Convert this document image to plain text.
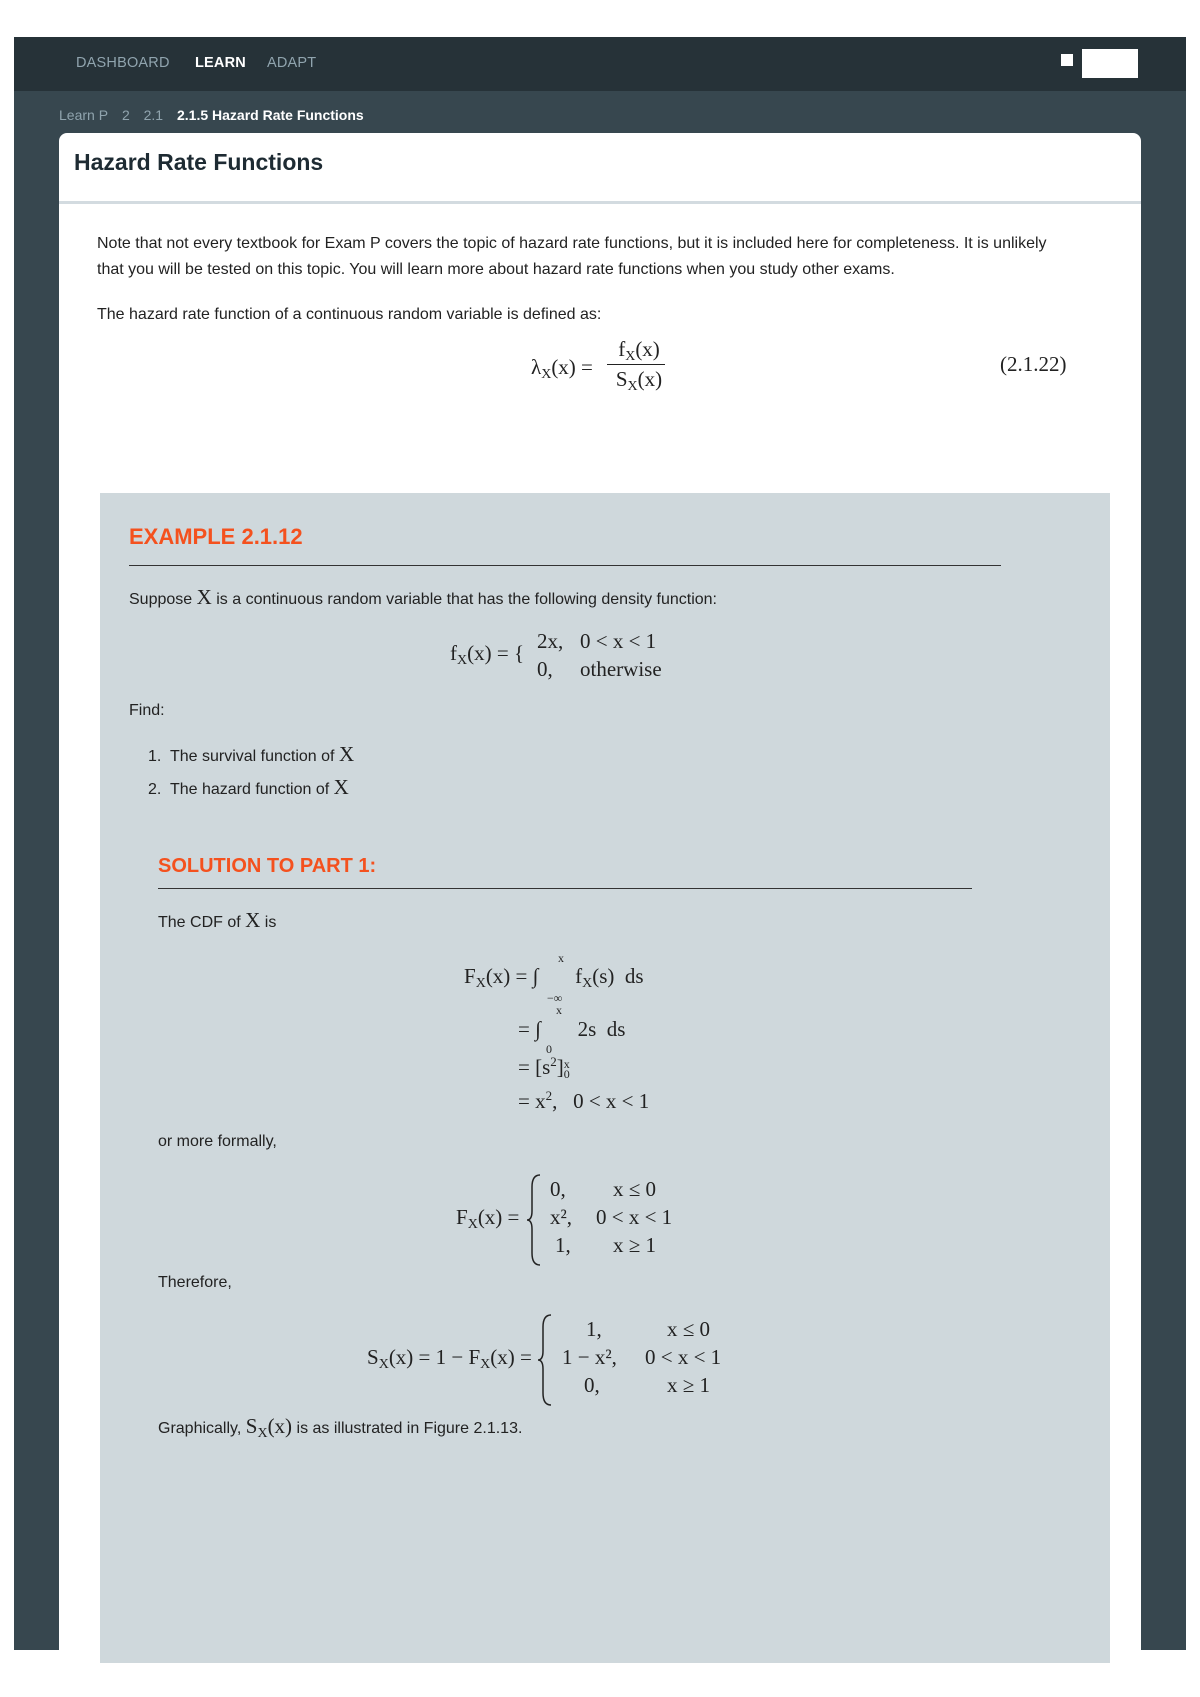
DASHBOARD LEARN ADAPT
Learn P 2 2.1 2.1.5 Hazard Rate Functions
Hazard Rate Functions
Note that not every textbook for Exam P covers the topic of hazard rate functions, but it is included here for completeness. It is unlikely that you will be tested on this topic. You will learn more about hazard rate functions when you study other exams.
The hazard rate function of a continuous random variable is defined as:
λX(x) =
fX(x)
SX(x)
(2.1.22)
EXAMPLE 2.1.12
Suppose X is a continuous random variable that has the following density function:
fX(x) = { 2x, 0 < x < 1
0, otherwise
Find:
1.  The survival function of X
2.  The hazard function of X
SOLUTION TO PART 1:
The CDF of X is
x
FX(x) = ∫       fX(s)  ds
−∞
x
= ∫       2s  ds
0
= $[s^2]^x0$
= $x^2$,   0 < x < 1
or more formally,
FX(x) =
0, x ≤ 0
x², 0 < x < 1
1, x ≥ 1
Therefore,
SX(x) = 1 − FX(x) =
1,	x ≤ 0
1 − x², 0 < x < 1
0,	x ≥ 1
Graphically, SX(x) is as illustrated in Figure 2.1.13.
